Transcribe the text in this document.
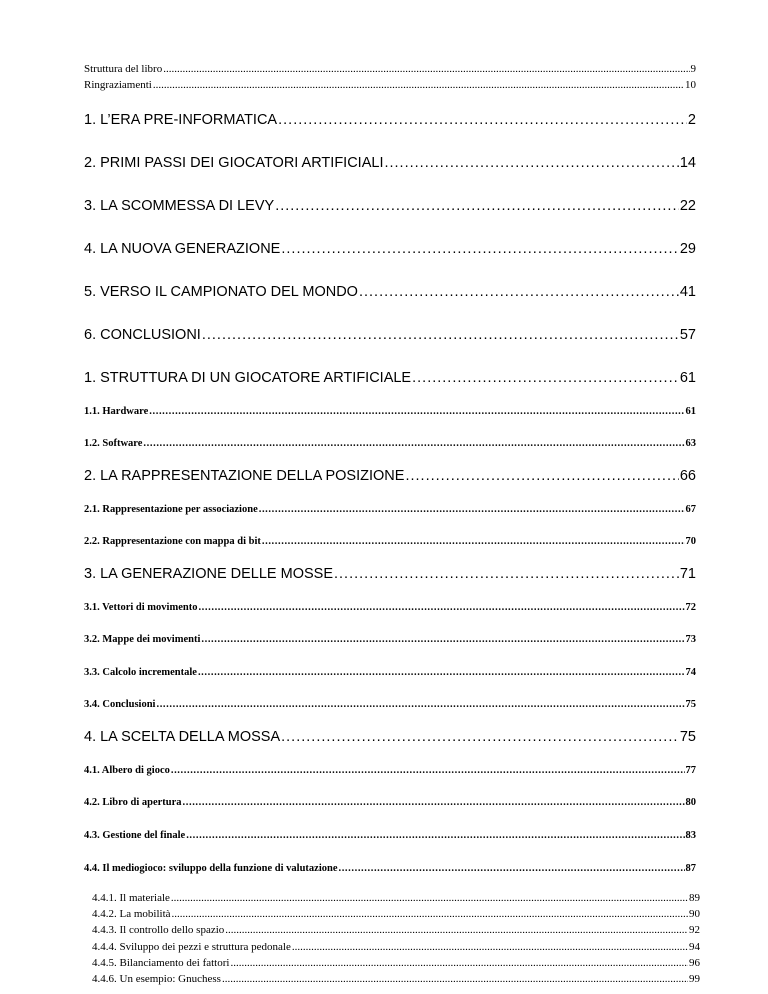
Struttura del libro .....	9
Ringraziamenti .....	10
1. L’ERA PRE-INFORMATICA .....	2
2. PRIMI PASSI DEI GIOCATORI ARTIFICIALI .....	14
3. LA SCOMMESSA DI LEVY .....	22
4. LA NUOVA GENERAZIONE .....	29
5. VERSO IL CAMPIONATO DEL MONDO .....	41
6. CONCLUSIONI .....	57
1. STRUTTURA DI UN GIOCATORE ARTIFICIALE .....	61
1.1. Hardware .....	61
1.2. Software .....	63
2. LA RAPPRESENTAZIONE DELLA POSIZIONE .....	66
2.1. Rappresentazione per associazione .....	67
2.2. Rappresentazione con mappa di bit .....	70
3. LA GENERAZIONE DELLE MOSSE .....	71
3.1. Vettori di movimento .....	72
3.2. Mappe dei movimenti .....	73
3.3. Calcolo incrementale .....	74
3.4. Conclusioni .....	75
4. LA SCELTA DELLA MOSSA .....	75
4.1. Albero di gioco .....	77
4.2. Libro di apertura .....	80
4.3. Gestione del finale .....	83
4.4. Il mediogioco: sviluppo della funzione di valutazione .....	87
4.4.1. Il materiale .....	89
4.4.2. La mobilità .....	90
4.4.3. Il controllo dello spazio .....	92
4.4.4. Sviluppo dei pezzi e struttura pedonale .....	94
4.4.5. Bilanciamento dei fattori .....	96
4.4.6. Un esempio: Gnuchess .....	99
